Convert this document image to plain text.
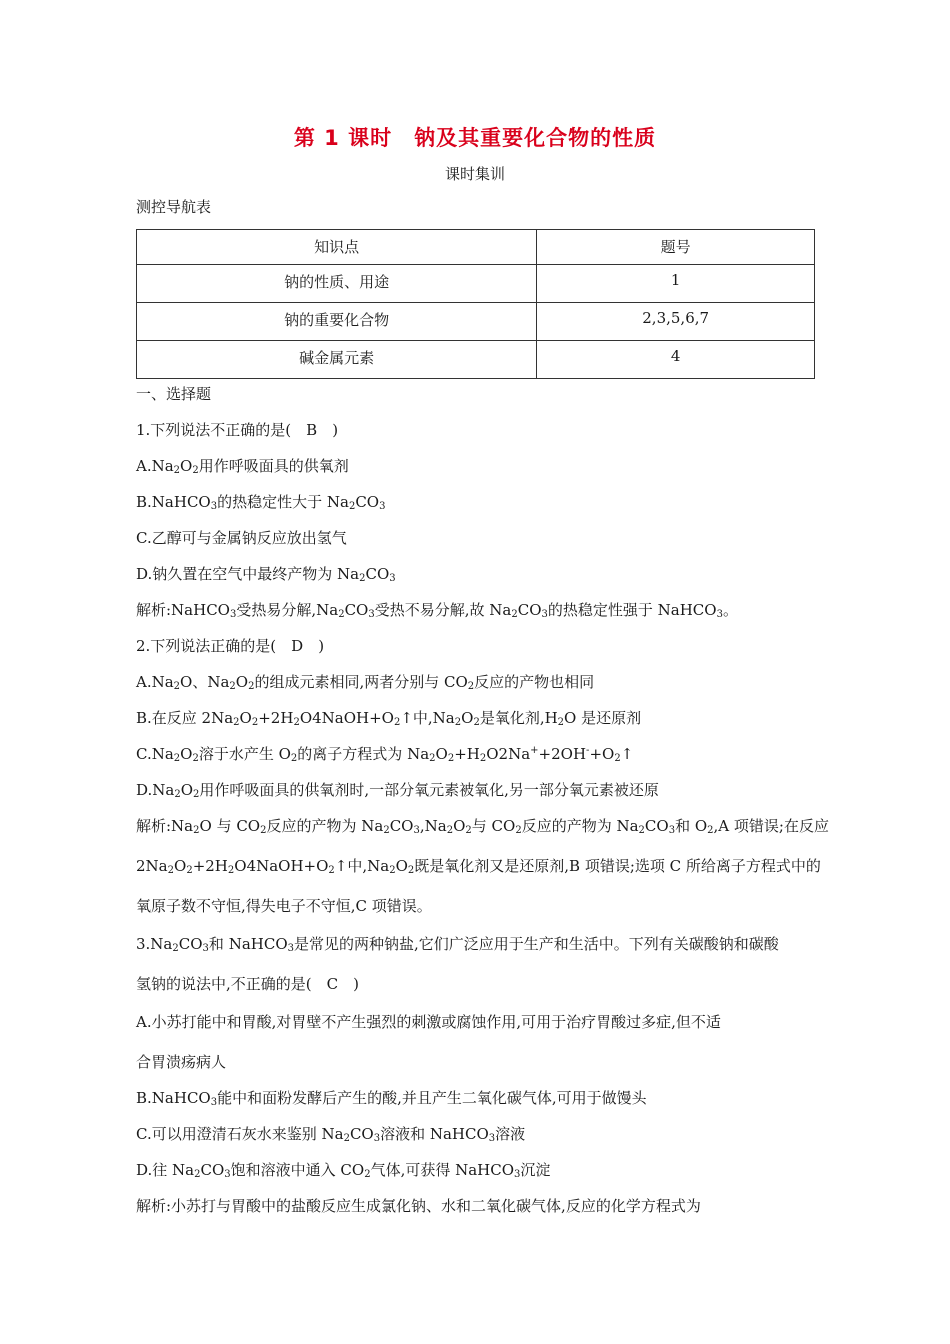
第 1 课时　钠及其重要化合物的性质
课时集训
测控导航表
知识点	题号
钠的性质、用途	1
钠的重要化合物	2,3,5,6,7
碱金属元素	4
一、选择题
1.下列说法不正确的是(　B　)
$A.Na_2O_2$用作呼吸面具的供氧剂
B.NaHCO$_3$的热稳定性大于 $Na_2CO_3$
C.乙醇可与金属钠反应放出氢气
D.钠久置在空气中最终产物为 $Na_2CO_3$
解析:NaHCO$_3$受热易分解$,Na_2CO_3$受热不易分解,故 $Na_2CO_3$的热稳定性强于 NaHCO$_3$。
2.下列说法正确的是(　D　)
$A.Na_2O$、$Na_2O_2$的组成元素相同,两者分别与 $CO_2$反应的产物也相同
B.在反应 $2Na_2O_2+2H_2O4NaOH+O_2↑$中$,Na_2O_2$是氧化剂$,H_2O$ 是还原剂
$C.Na_2O_2$溶于水产生 $O_2$的离子方程式为 $Na_2O_2+H_2O2Na^++2OH^-+O_2↑$
$D.Na_2O_2$用作呼吸面具的供氧剂时,一部分氧元素被氧化,另一部分氧元素被还原
解析$:Na_2O$ 与 $CO_2$反应的产物为 $Na_2CO_3,Na_2O_2$与 $CO_2$反应的产物为 $Na_2CO_3$和 $O_2,A$ 项错误;在反应
$2Na_2O_2+2H_2O4NaOH+O_2↑$中$,Na_2O_2$既是氧化剂又是还原剂,B 项错误;选项 C 所给离子方程式中的
氧原子数不守恒,得失电子不守恒,C 项错误。
$3.Na_2CO_3$和 NaHCO$_3$是常见的两种钠盐,它们广泛应用于生产和生活中。下列有关碳酸钠和碳酸
氢钠的说法中,不正确的是(　C　)
A.小苏打能中和胃酸,对胃壁不产生强烈的刺激或腐蚀作用,可用于治疗胃酸过多症,但不适
合胃溃疡病人
B.NaHCO$_3$能中和面粉发酵后产生的酸,并且产生二氧化碳气体,可用于做馒头
C.可以用澄清石灰水来鉴别 $Na_2CO_3$溶液和 NaHCO$_3$溶液
D.往 $Na_2CO_3$饱和溶液中通入 $CO_2$气体,可获得 NaHCO$_3$沉淀
解析:小苏打与胃酸中的盐酸反应生成氯化钠、水和二氧化碳气体,反应的化学方程式为
